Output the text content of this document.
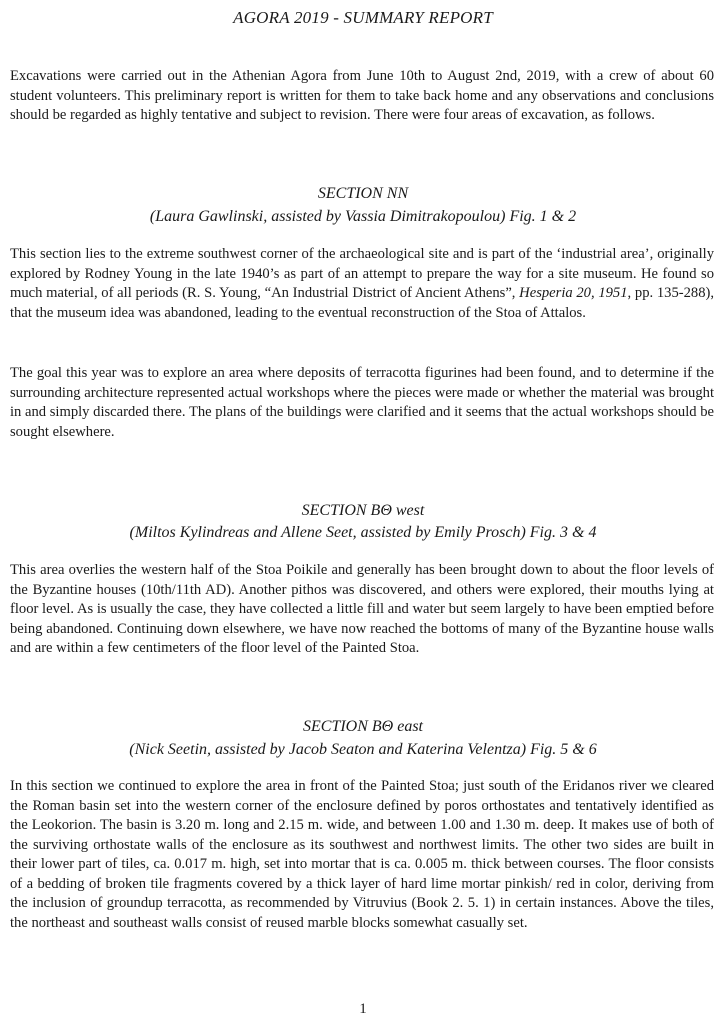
AGORA 2019 - SUMMARY REPORT

Excavations were carried out in the Athenian Agora from June 10th to August 2nd, 2019, with a crew of about 60 student volunteers. This preliminary report is written for them to take back home and any observations and conclusions should be regarded as highly tentative and subject to revision. There were four areas of excavation, as follows.

SECTION NN
(Laura Gawlinski, assisted by Vassia Dimitrakopoulou) Fig. 1 & 2

This section lies to the extreme southwest corner of the archaeological site and is part of the ‘industrial area’, originally explored by Rodney Young in the late 1940’s as part of an attempt to prepare the way for a site museum. He found so much material, of all periods (R. S. Young, “An Industrial District of Ancient Athens”, Hesperia 20, 1951, pp. 135-288), that the museum idea was abandoned, leading to the eventual reconstruction of the Stoa of Attalos.

The goal this year was to explore an area where deposits of terracotta figurines had been found, and to determine if the surrounding architecture represented actual workshops where the pieces were made or whether the material was brought in and simply discarded there. The plans of the buildings were clarified and it seems that the actual workshops should be sought elsewhere.

SECTION BΘ west
(Miltos Kylindreas and Allene Seet, assisted by Emily Prosch) Fig. 3 & 4

This area overlies the western half of the Stoa Poikile and generally has been brought down to about the floor levels of the Byzantine houses (10th/11th AD). Another pithos was discovered, and others were explored, their mouths lying at floor level. As is usually the case, they have collected a little fill and water but seem largely to have been emptied before being abandoned. Continuing down elsewhere, we have now reached the bottoms of many of the Byzantine house walls and are within a few centimeters of the floor level of the Painted Stoa.

SECTION BΘ east
(Nick Seetin, assisted by Jacob Seaton and Katerina Velentza) Fig. 5 & 6

In this section we continued to explore the area in front of the Painted Stoa; just south of the Eridanos river we cleared the Roman basin set into the western corner of the enclosure defined by poros orthostates and tentatively identified as the Leokorion. The basin is 3.20 m. long and 2.15 m. wide, and between 1.00 and 1.30 m. deep. It makes use of both of the surviving orthostate walls of the enclosure as its southwest and northwest limits. The other two sides are built in their lower part of tiles, ca. 0.017 m. high, set into mortar that is ca. 0.005 m. thick between courses. The floor consists of a bedding of broken tile fragments covered by a thick layer of hard lime mortar pinkish/ red in color, deriving from the inclusion of groundup terracotta, as recommended by Vitruvius (Book 2. 5. 1) in certain instances. Above the tiles, the northeast and southeast walls consist of reused marble blocks somewhat casually set.

1
